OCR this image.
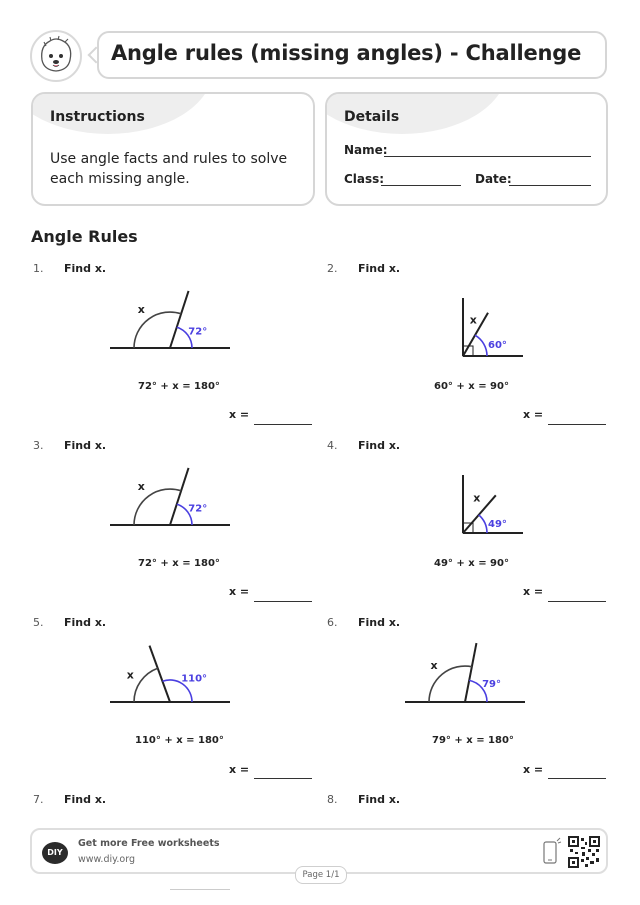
Angle rules (missing angles) - Challenge
Instructions
Use angle facts and rules to solve each missing angle.
Details
Name:
Class:	Date:
Angle Rules
1. Find x.
72°
x
72° + x = 180°
x =
2. Find x.
60°
x
60° + x = 90°
x =
3. Find x.
72°
x
72° + x = 180°
x =
4. Find x.
49°
x
49° + x = 90°
x =
5. Find x.
110°
x
110° + x = 180°
x =
6. Find x.
79°
x
79° + x = 180°
x =
7. Find x.	8. Find x.
DIY
Get more Free worksheets
www.diy.org
Page 1/1
